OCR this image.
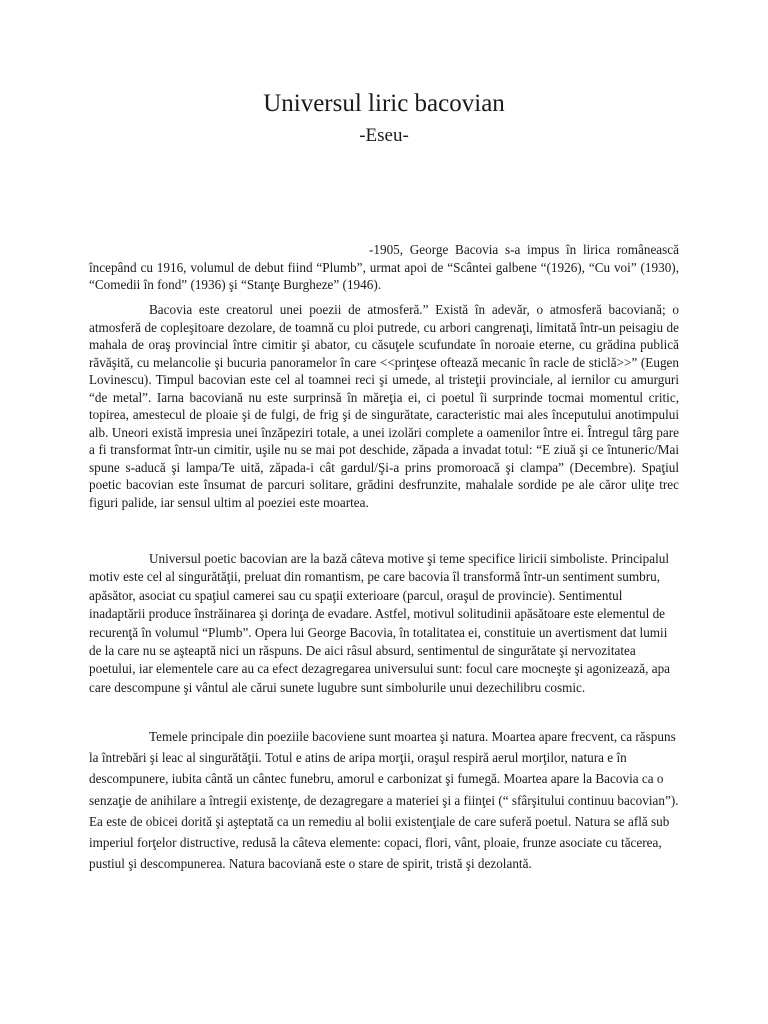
Universul liric bacovian
-Eseu-

-1905, George Bacovia s-a impus în lirica românească începând cu 1916, volumul de debut fiind “Plumb”, urmat apoi de “Scântei galbene “(1926), “Cu voi” (1930), “Comedii în fond” (1936) şi “Stanţe Burgheze” (1946).

Bacovia este creatorul unei poezii de atmosferă.” Există în adevăr, o atmosferă bacoviană; o atmosferă de copleşitoare dezolare, de toamnă cu ploi putrede, cu arbori cangrenaţi, limitată într-un peisagiu de mahala de oraş provincial între cimitir şi abator, cu căsuţele scufundate în noroaie eterne, cu grădina publică răvăşită, cu melancolie şi bucuria panoramelor în care <<prinţese oftează mecanic în racle de sticlă>>” (Eugen Lovinescu). Timpul bacovian este cel al toamnei reci şi umede, al tristeţii provinciale, al iernilor cu amurguri “de metal”. Iarna bacoviană nu este surprinsă în măreţia ei, ci poetul îi surprinde tocmai momentul critic, topirea, amestecul de ploaie şi de fulgi, de frig şi de singurătate, caracteristic mai ales începutului anotimpului alb. Uneori există impresia unei înzăpeziri totale, a unei izolări complete a oamenilor între ei. Întregul târg pare a fi transformat într-un cimitir, uşile nu se mai pot deschide, zăpada a invadat totul: “E ziuă şi ce întuneric/Mai spune s-aducă şi lampa/Te uită, zăpada-i cât gardul/Şi-a prins promoroacă şi clampa” (Decembre). Spaţiul poetic bacovian este însumat de parcuri solitare, grădini desfrunzite, mahalale sordide pe ale căror uliţe trec figuri palide, iar sensul ultim al poeziei este moartea.

Universul poetic bacovian are la bază câteva motive şi teme specifice liricii simboliste. Principalul motiv este cel al singurătăţii, preluat din romantism, pe care bacovia îl transformă într-un sentiment sumbru, apăsător, asociat cu spaţiul camerei sau cu spaţii exterioare (parcul, oraşul de provincie). Sentimentul inadaptării produce înstrăinarea şi dorinţa de evadare. Astfel, motivul solitudinii apăsătoare este elementul de recurenţă în volumul “Plumb”. Opera lui George Bacovia, în totalitatea ei, constituie un avertisment dat lumii de la care nu se aşteaptă nici un răspuns. De aici râsul absurd, sentimentul de singurătate şi nervozitatea poetului, iar elementele care au ca efect dezagregarea universului sunt: focul care mocneşte şi agonizează, apa care descompune şi vântul ale cărui sunete lugubre sunt simbolurile unui dezechilibru cosmic.

Temele principale din poeziile bacoviene sunt moartea şi natura. Moartea apare frecvent, ca răspuns la întrebări şi leac al singurătăţii. Totul e atins de aripa morţii, oraşul respiră aerul morţilor, natura e în descompunere, iubita cântă un cântec funebru, amorul e carbonizat şi fumegă. Moartea apare la Bacovia ca o senzaţie de anihilare a întregii existenţe, de dezagregare a materiei şi a fiinţei (“ sfârşitului continuu bacovian”). Ea este de obicei dorită şi aşteptată ca un remediu al bolii existenţiale de care suferă poetul. Natura se află sub imperiul forţelor distructive, redusă la câteva elemente: copaci, flori, vânt, ploaie, frunze asociate cu tăcerea, pustiul şi descompunerea. Natura bacoviană este o stare de spirit, tristă şi dezolantă.
